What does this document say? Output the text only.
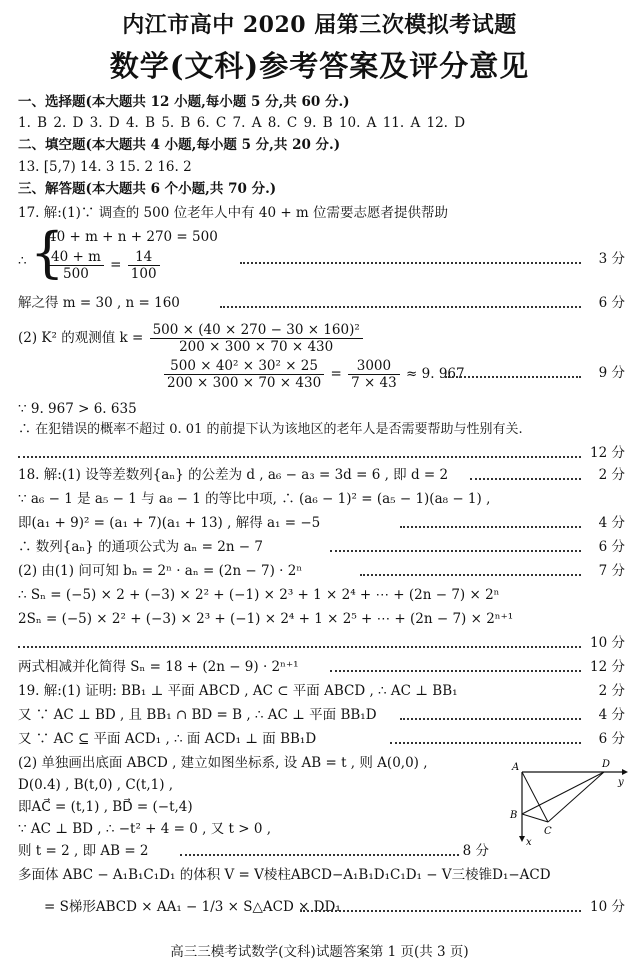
内江市高中 2020 届第三次模拟考试题
数学(文科)参考答案及评分意见
一、选择题(本大题共 12 小题,每小题 5 分,共 60 分.)
1. B 2. D 3. D 4. B 5. B 6. C 7. A 8. C 9. B 10. A 11. A 12. D
二、填空题(本大题共 4 小题,每小题 5 分,共 20 分.)
13. [5,7) 14. 3 15. 2 16. 2
三、解答题(本大题共 6 个小题,共 70 分.)
17. 解:(1)∵ 调查的 500 位老年人中有 40 + m 位需要志愿者提供帮助
∴ {
40 + m + n + 270 = 500
$\frac{40 + m}{500} = \frac{14}{100}$	3 分
解之得 m = 30 , n = 160	6 分
(2) K² 的观测值 $k = \frac{\text{500 × (40 × 270 − 30 × 160)²}}{200 \times 300 \times 70 \times 430}$
$\frac{\text{500 × 40² × 30² × 25}}{200 \times 300 \times 70 \times 430} = \frac{3000}{7 \times 43} \approx 9$. 967	9 分
∵ 9. 967 > 6. 635
∴ 在犯错误的概率不超过 0. 01 的前提下认为该地区的老年人是否需要帮助与性别有关.
12 分
18. 解:(1) 设等差数列{aₙ} 的公差为 d , a₆ − a₃ = 3d = 6 , 即 d = 2	2 分
∵ a₆ − 1 是 a₅ − 1 与 a₈ − 1 的等比中项, ∴ (a₆ − 1)² = (a₅ − 1)(a₈ − 1) ,
即(a₁ + 9)² = (a₁ + 7)(a₁ + 13) , 解得 a₁ = −5	4 分
∴ 数列{aₙ} 的通项公式为 aₙ = 2n − 7	6 分
(2) 由(1) 问可知 bₙ = 2ⁿ · aₙ = (2n − 7) · 2ⁿ	7 分
∴ Sₙ = (−5) × 2 + (−3) × 2² + (−1) × 2³ + 1 × 2⁴ + ⋯ + (2n − 7) × 2ⁿ
2Sₙ = (−5) × 2² + (−3) × 2³ + (−1) × 2⁴ + 1 × 2⁵ + ⋯ + (2n − 7) × 2ⁿ⁺¹
10 分
两式相减并化简得 Sₙ = 18 + (2n − 9) · 2ⁿ⁺¹	12 分
19. 解:(1) 证明: BB₁ ⊥ 平面 ABCD , AC ⊂ 平面 ABCD , ∴ AC ⊥ BB₁	2 分
又 ∵ AC ⊥ BD , 且 BB₁ ∩ BD = B , ∴ AC ⊥ 平面 BB₁D	4 分
又 ∵ AC ⊆ 平面 ACD₁ , ∴ 面 ACD₁ ⊥ 面 BB₁D	6 分
(2) 单独画出底面 ABCD , 建立如图坐标系, 设 AB = t , 则 A(0,0) ,
D(0.4) , B(t,0) , C(t,1) ,
即AC⃗ = (t,1) , BD⃗ = (−t,4)
∵ AC ⊥ BD , ∴ −t² + 4 = 0 , 又 t > 0 ,
则 t = 2 , 即 AB = 2	8 分
多面体 ABC − A₁B₁C₁D₁ 的体积 V = V棱柱ABCD−A₁B₁D₁C₁D₁ − V三棱锥D₁−ACD
= S梯形ABCD × AA₁ − 1/3 × S△ACD × DD₁	10 分
A	D
B
C
x
y
高三三模考试数学(文科)试题答案第 1 页(共 3 页)
